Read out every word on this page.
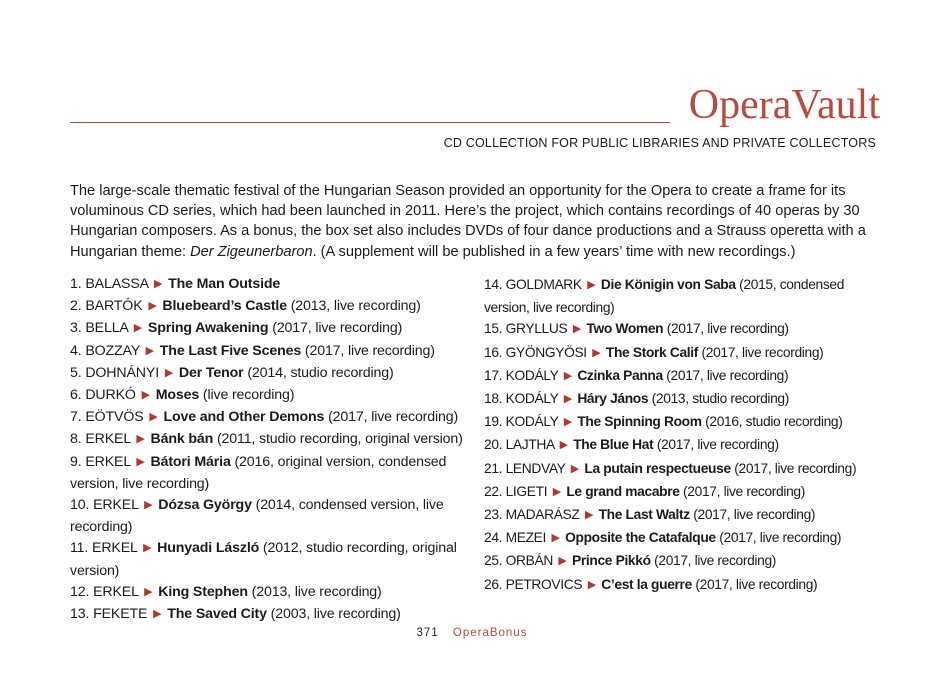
OperaVault
CD COLLECTION FOR PUBLIC LIBRARIES AND PRIVATE COLLECTORS

The large-scale thematic festival of the Hungarian Season provided an opportunity for the Opera to create a frame for its voluminous CD series, which had been launched in 2011. Here’s the project, which contains recordings of 40 operas by 30 Hungarian composers. As a bonus, the box set also includes DVDs of four dance productions and a Strauss operetta with a Hungarian theme: Der Zigeunerbaron. (A supplement will be published in a few years’ time with new recordings.)

1. BALASSA ▶ The Man Outside
2. BARTÓK ▶ Bluebeard’s Castle (2013, live recording)
3. BELLA ▶ Spring Awakening (2017, live recording)
4. BOZZAY ▶ The Last Five Scenes (2017, live recording)
5. DOHNÁNYI ▶ Der Tenor (2014, studio recording)
6. DURKÓ ▶ Moses (live recording)
7. EÖTVÖS ▶ Love and Other Demons (2017, live recording)
8. ERKEL ▶ Bánk bán (2011, studio recording, original version)
9. ERKEL ▶ Bátori Mária (2016, original version, condensed version, live recording)
10. ERKEL ▶ Dózsa György (2014, condensed version, live recording)
11. ERKEL ▶ Hunyadi László (2012, studio recording, original version)
12. ERKEL ▶ King Stephen (2013, live recording)
13. FEKETE ▶ The Saved City (2003, live recording)
14. GOLDMARK ▶ Die Königin von Saba (2015, condensed version, live recording)
15. GRYLLUS ▶ Two Women (2017, live recording)
16. GYÖNGYÖSI ▶ The Stork Calif (2017, live recording)
17. KODÁLY ▶ Czinka Panna (2017, live recording)
18. KODÁLY ▶ Háry János (2013, studio recording)
19. KODÁLY ▶ The Spinning Room (2016, studio recording)
20. LAJTHA ▶ The Blue Hat (2017, live recording)
21. LENDVAY ▶ La putain respectueuse (2017, live recording)
22. LIGETI ▶ Le grand macabre (2017, live recording)
23. MADARÁSZ ▶ The Last Waltz (2017, live recording)
24. MEZEI ▶ Opposite the Catafalque (2017, live recording)
25. ORBÁN ▶ Prince Pikkó (2017, live recording)
26. PETROVICS ▶ C’est la guerre (2017, live recording)
371 OperaBonus
